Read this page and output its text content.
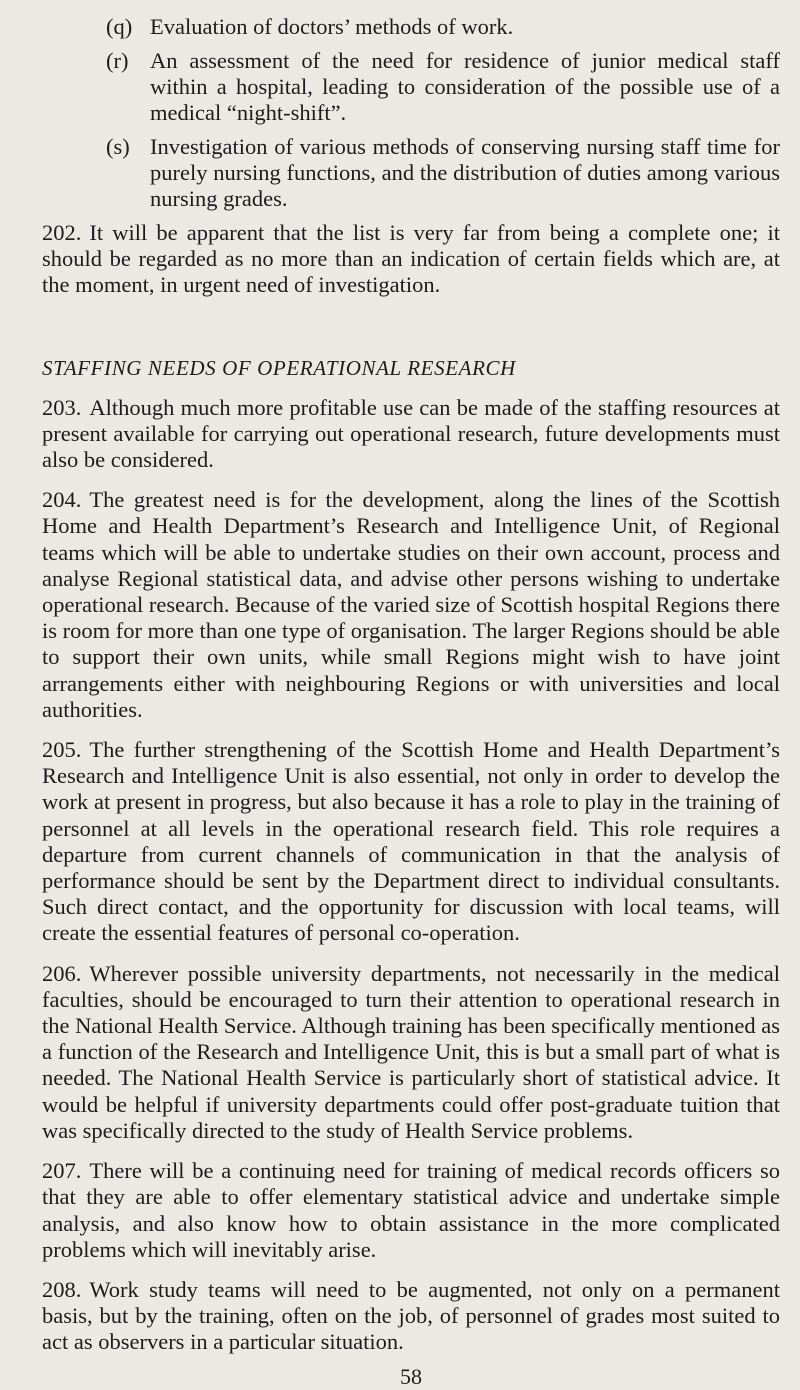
(q) Evaluation of doctors’ methods of work.
(r) An assessment of the need for residence of junior medical staff within a hospital, leading to consideration of the possible use of a medical “night-shift”.
(s) Investigation of various methods of conserving nursing staff time for purely nursing functions, and the distribution of duties among various nursing grades.

202. It will be apparent that the list is very far from being a complete one; it should be regarded as no more than an indication of certain fields which are, at the moment, in urgent need of investigation.

STAFFING NEEDS OF OPERATIONAL RESEARCH

203. Although much more profitable use can be made of the staffing resources at present available for carrying out operational research, future developments must also be considered.

204. The greatest need is for the development, along the lines of the Scottish Home and Health Department’s Research and Intelligence Unit, of Regional teams which will be able to undertake studies on their own account, process and analyse Regional statistical data, and advise other persons wishing to undertake operational research. Because of the varied size of Scottish hospital Regions there is room for more than one type of organisation. The larger Regions should be able to support their own units, while small Regions might wish to have joint arrangements either with neighbouring Regions or with universities and local authorities.

205. The further strengthening of the Scottish Home and Health Department’s Research and Intelligence Unit is also essential, not only in order to develop the work at present in progress, but also because it has a role to play in the training of personnel at all levels in the operational research field. This role requires a departure from current channels of communication in that the analysis of performance should be sent by the Department direct to individual consultants. Such direct contact, and the opportunity for discussion with local teams, will create the essential features of personal co-operation.

206. Wherever possible university departments, not necessarily in the medical faculties, should be encouraged to turn their attention to operational research in the National Health Service. Although training has been specifically mentioned as a function of the Research and Intelligence Unit, this is but a small part of what is needed. The National Health Service is particularly short of statistical advice. It would be helpful if university departments could offer post-graduate tuition that was specifically directed to the study of Health Service problems.

207. There will be a continuing need for training of medical records officers so that they are able to offer elementary statistical advice and undertake simple analysis, and also know how to obtain assistance in the more complicated problems which will inevitably arise.

208. Work study teams will need to be augmented, not only on a permanent basis, but by the training, often on the job, of personnel of grades most suited to act as observers in a particular situation.

58
